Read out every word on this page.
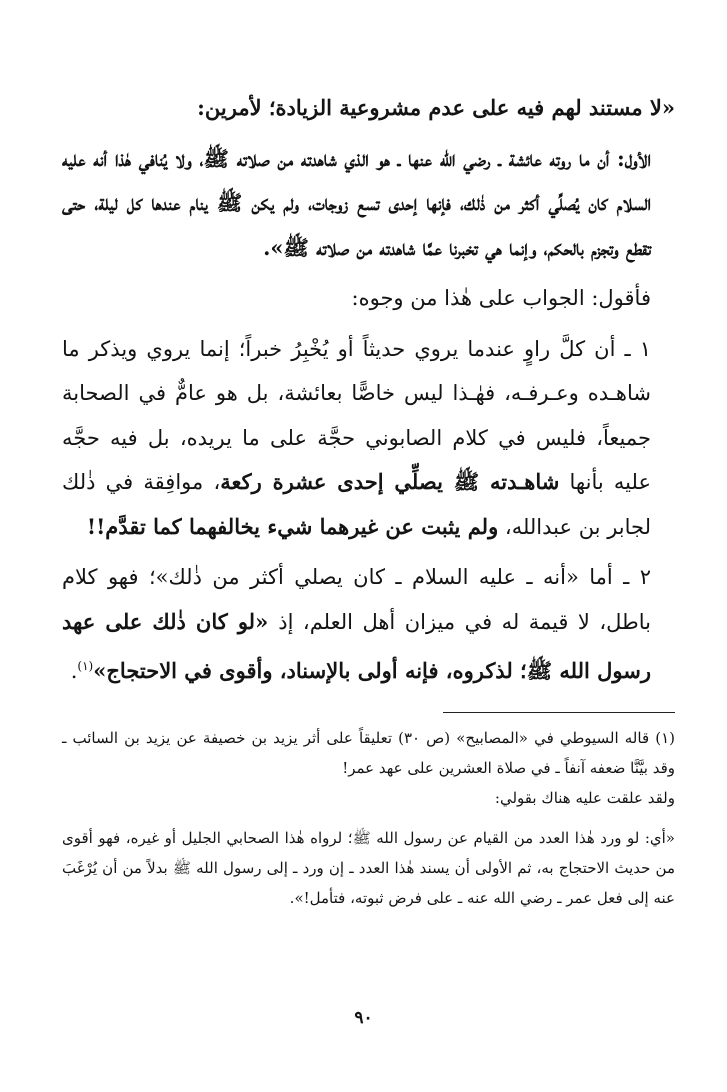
«لا مستند لهم فيه على عدم مشروعية الزيادة؛ لأمرين:

الأول: أن ما روته عائشة ـ رضي الله عنها ـ هو الذي شاهدته من صلاته ﷺ، ولا يُنافي هٰذا أنه عليه السلام كان يُصلِّي أكثر من ذٰلك، فإنها إحدى تسع زوجات، ولم يكن ﷺ ينام عندها كل ليلة، حتى تقطع وتجزم بالحكم، وإنما هي تخبرنا عمَّا شاهدته من صلاته ﷺ».

فأقول: الجواب على هٰذا من وجوه:

١ ـ أن كلَّ راوٍ عندما يروي حديثاً أو يُخْبِرُ خبراً؛ إنما يروي ويذكر ما شاهـده وعـرفـه، فهٰـذا ليس خاصًّا بعائشة، بل هو عامٌّ في الصحابة جميعاً، فليس في كلام الصابوني حجَّة على ما يريده، بل فيه حجَّه عليه بأنها شاهـدته ﷺ يصلِّي إحدى عشرة ركعة، موافِقة في ذٰلك لجابر بن عبدالله، ولم يثبت عن غيرهما شيء يخالفهما كما تقدَّم!!

٢ ـ أما «أنه ـ عليه السلام ـ كان يصلي أكثر من ذٰلك»؛ فهو كلام باطل، لا قيمة له في ميزان أهل العلم، إذ «لو كان ذٰلك على عهد رسول الله ﷺ؛ لذكروه، فإنه أولى بالإسناد، وأقوى في الاحتجاج»$^{(١)}$.

(١) قاله السيوطي في «المصابيح» (ص ٣٠) تعليقاً على أثر يزيد بن خصيفة عن يزيد بن السائب ـ وقد بيَّنَّا ضعفه آنفاً ـ في صلاة العشرين على عهد عمر!

ولقد علقت عليه هناك بقولي:

«أي: لو ورد هٰذا العدد من القيام عن رسول الله ﷺ؛ لرواه هٰذا الصحابي الجليل أو غيره، فهو أقوى من حديث الاحتجاج به، ثم الأولى أن يسند هٰذا العدد ـ إن ورد ـ إلى رسول الله ﷺ بدلاً من أن يُرْغَبَ عنه إلى فعل عمر ـ رضي الله عنه ـ على فرض ثبوته، فتأمل!».

٩٠
